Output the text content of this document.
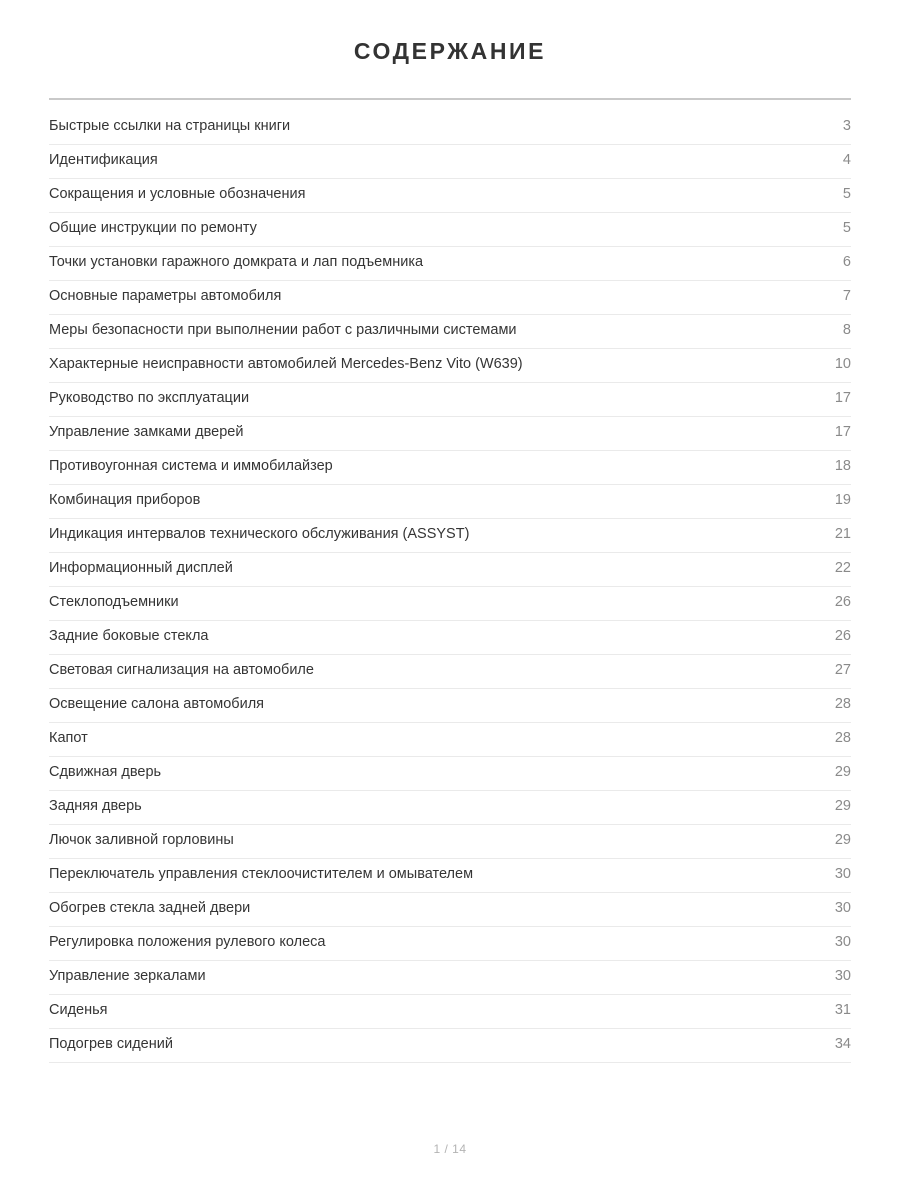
СОДЕРЖАНИЕ
Быстрые ссылки на страницы книги	3
Идентификация	4
Сокращения и условные обозначения	5
Общие инструкции по ремонту	5
Точки установки гаражного домкрата и лап подъемника	6
Основные параметры автомобиля	7
Меры безопасности при выполнении работ с различными системами	8
Характерные неисправности автомобилей Mercedes-Benz Vito (W639)	10
Руководство по эксплуатации	17
Управление замками дверей	17
Противоугонная система и иммобилайзер	18
Комбинация приборов	19
Индикация интервалов технического обслуживания (ASSYST)	21
Информационный дисплей	22
Стеклоподъемники	26
Задние боковые стекла	26
Световая сигнализация на автомобиле	27
Освещение салона автомобиля	28
Капот	28
Сдвижная дверь	29
Задняя дверь	29
Лючок заливной горловины	29
Переключатель управления стеклоочистителем и омывателем	30
Обогрев стекла задней двери	30
Регулировка положения рулевого колеса	30
Управление зеркалами	30
Сиденья	31
Подогрев сидений	34
1 / 14
